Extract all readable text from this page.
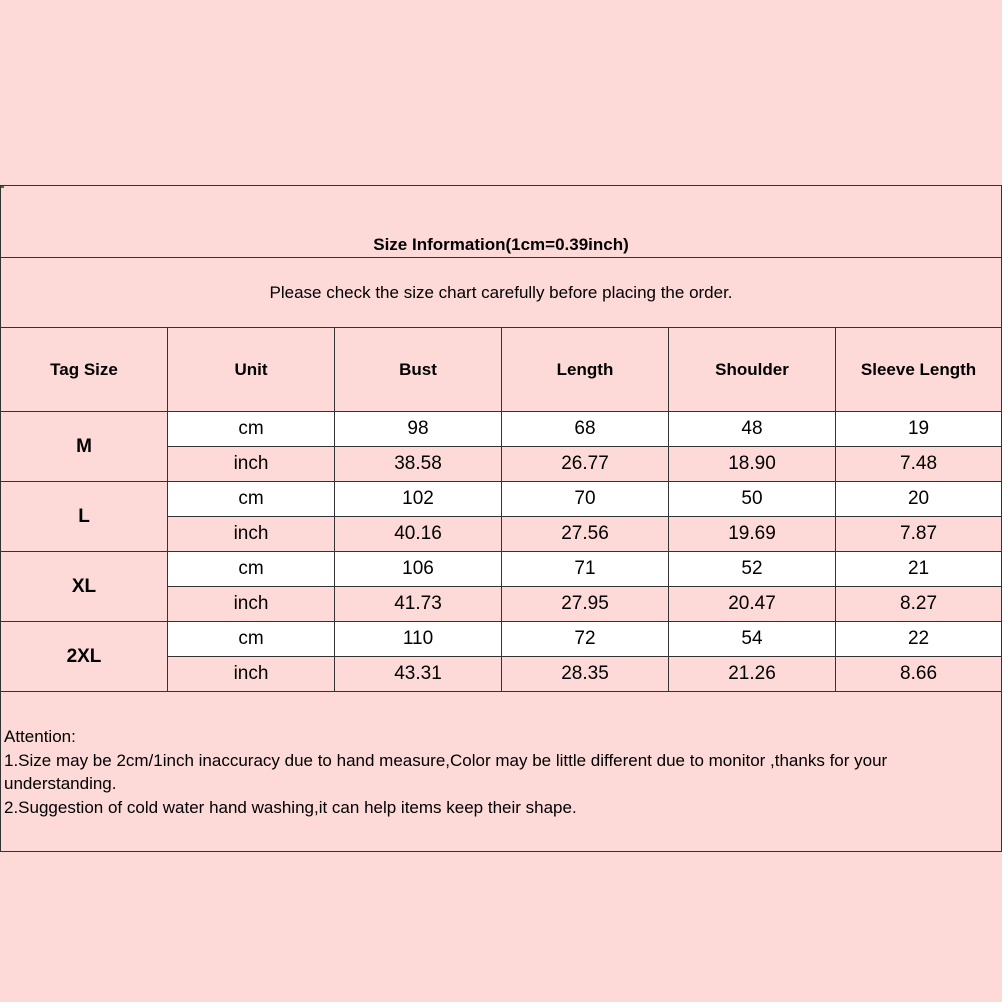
Size Information(1cm=0.39inch)					
Please check the size chart carefully before placing the order.					
Tag Size	Unit	Bust	Length	Shoulder	Sleeve Length
M	cm	98	68	48	19
	inch	38.58	26.77	18.90	7.48
L	cm	102	70	50	20
	inch	40.16	27.56	19.69	7.87
XL	cm	106	71	52	21
	inch	41.73	27.95	20.47	8.27
2XL	cm	110	72	54	22
	inch	43.31	28.35	21.26	8.66

Attention:

1.Size may be 2cm/1inch inaccuracy due to hand measure,Color may be little different due to monitor ,thanks for your understanding.

2.Suggestion of cold water hand washing,it can help items keep their shape.					
